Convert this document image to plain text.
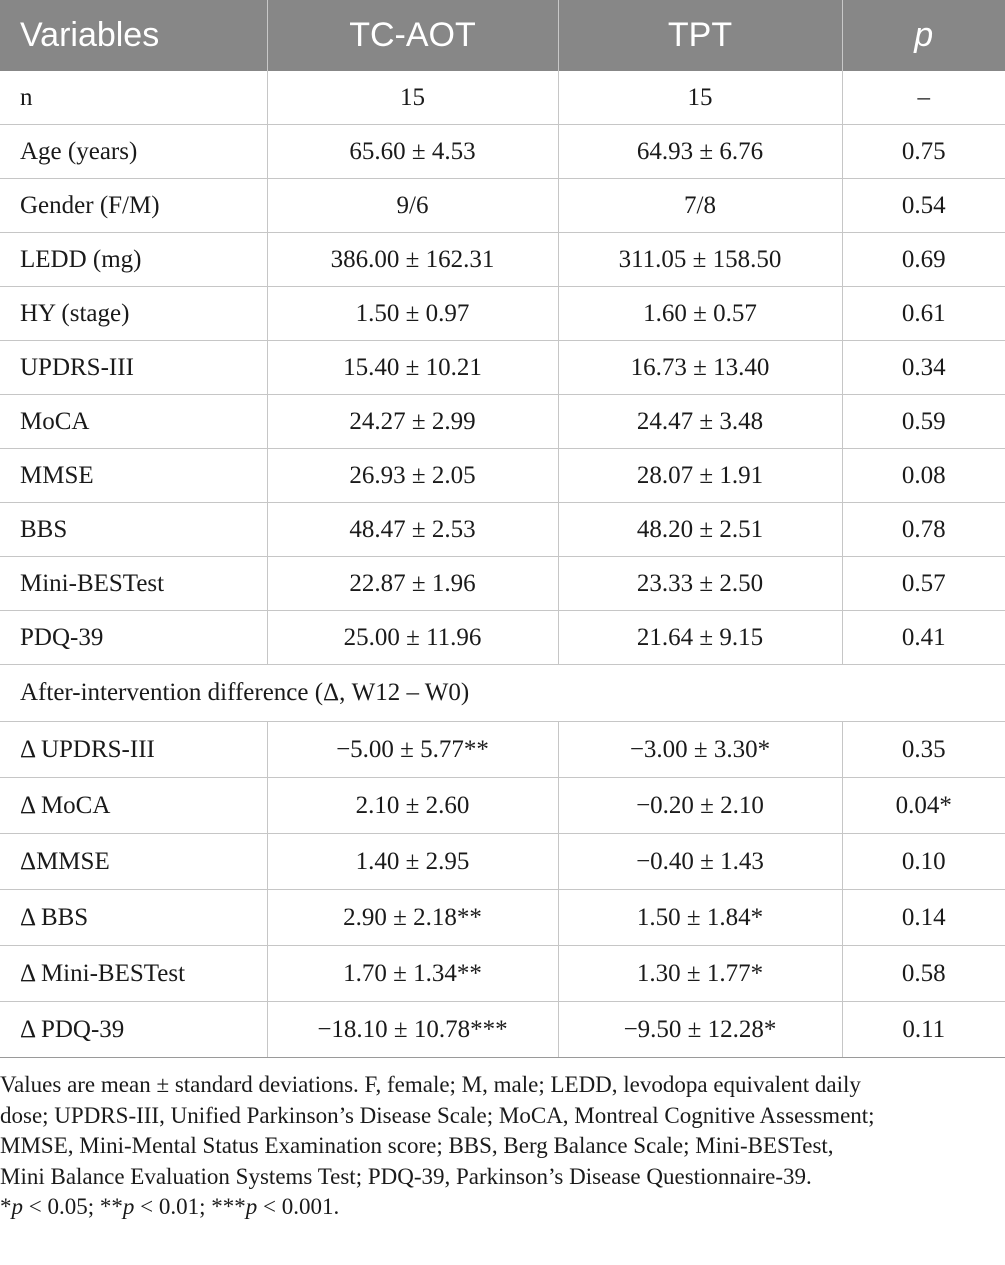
Variables	TC-AOT	TPT	p
n	15	15	–
Age (years)	65.60 ± 4.53	64.93 ± 6.76	0.75
Gender (F/M)	9/6	7/8	0.54
LEDD (mg)	386.00 ± 162.31	311.05 ± 158.50	0.69
HY (stage)	1.50 ± 0.97	1.60 ± 0.57	0.61
UPDRS-III	15.40 ± 10.21	16.73 ± 13.40	0.34
MoCA	24.27 ± 2.99	24.47 ± 3.48	0.59
MMSE	26.93 ± 2.05	28.07 ± 1.91	0.08
BBS	48.47 ± 2.53	48.20 ± 2.51	0.78
Mini-BESTest	22.87 ± 1.96	23.33 ± 2.50	0.57
PDQ-39	25.00 ± 11.96	21.64 ± 9.15	0.41
After-intervention difference (Δ, W12 – W0)			
Δ UPDRS-III	−5.00 ± 5.77**	−3.00 ± 3.30*	0.35
Δ MoCA	2.10 ± 2.60	−0.20 ± 2.10	0.04*
ΔMMSE	1.40 ± 2.95	−0.40 ± 1.43	0.10
Δ BBS	2.90 ± 2.18**	1.50 ± 1.84*	0.14
Δ Mini-BESTest	1.70 ± 1.34**	1.30 ± 1.77*	0.58
Δ PDQ-39	−18.10 ± 10.78***	−9.50 ± 12.28*	0.11

Values are mean ± standard deviations. F, female; M, male; LEDD, levodopa equivalent daily

dose; UPDRS-III, Unified Parkinson’s Disease Scale; MoCA, Montreal Cognitive Assessment;

MMSE, Mini-Mental Status Examination score; BBS, Berg Balance Scale; Mini-BESTest,

Mini Balance Evaluation Systems Test; PDQ-39, Parkinson’s Disease Questionnaire-39.

*p < 0.05; **p < 0.01; ***p < 0.001.
